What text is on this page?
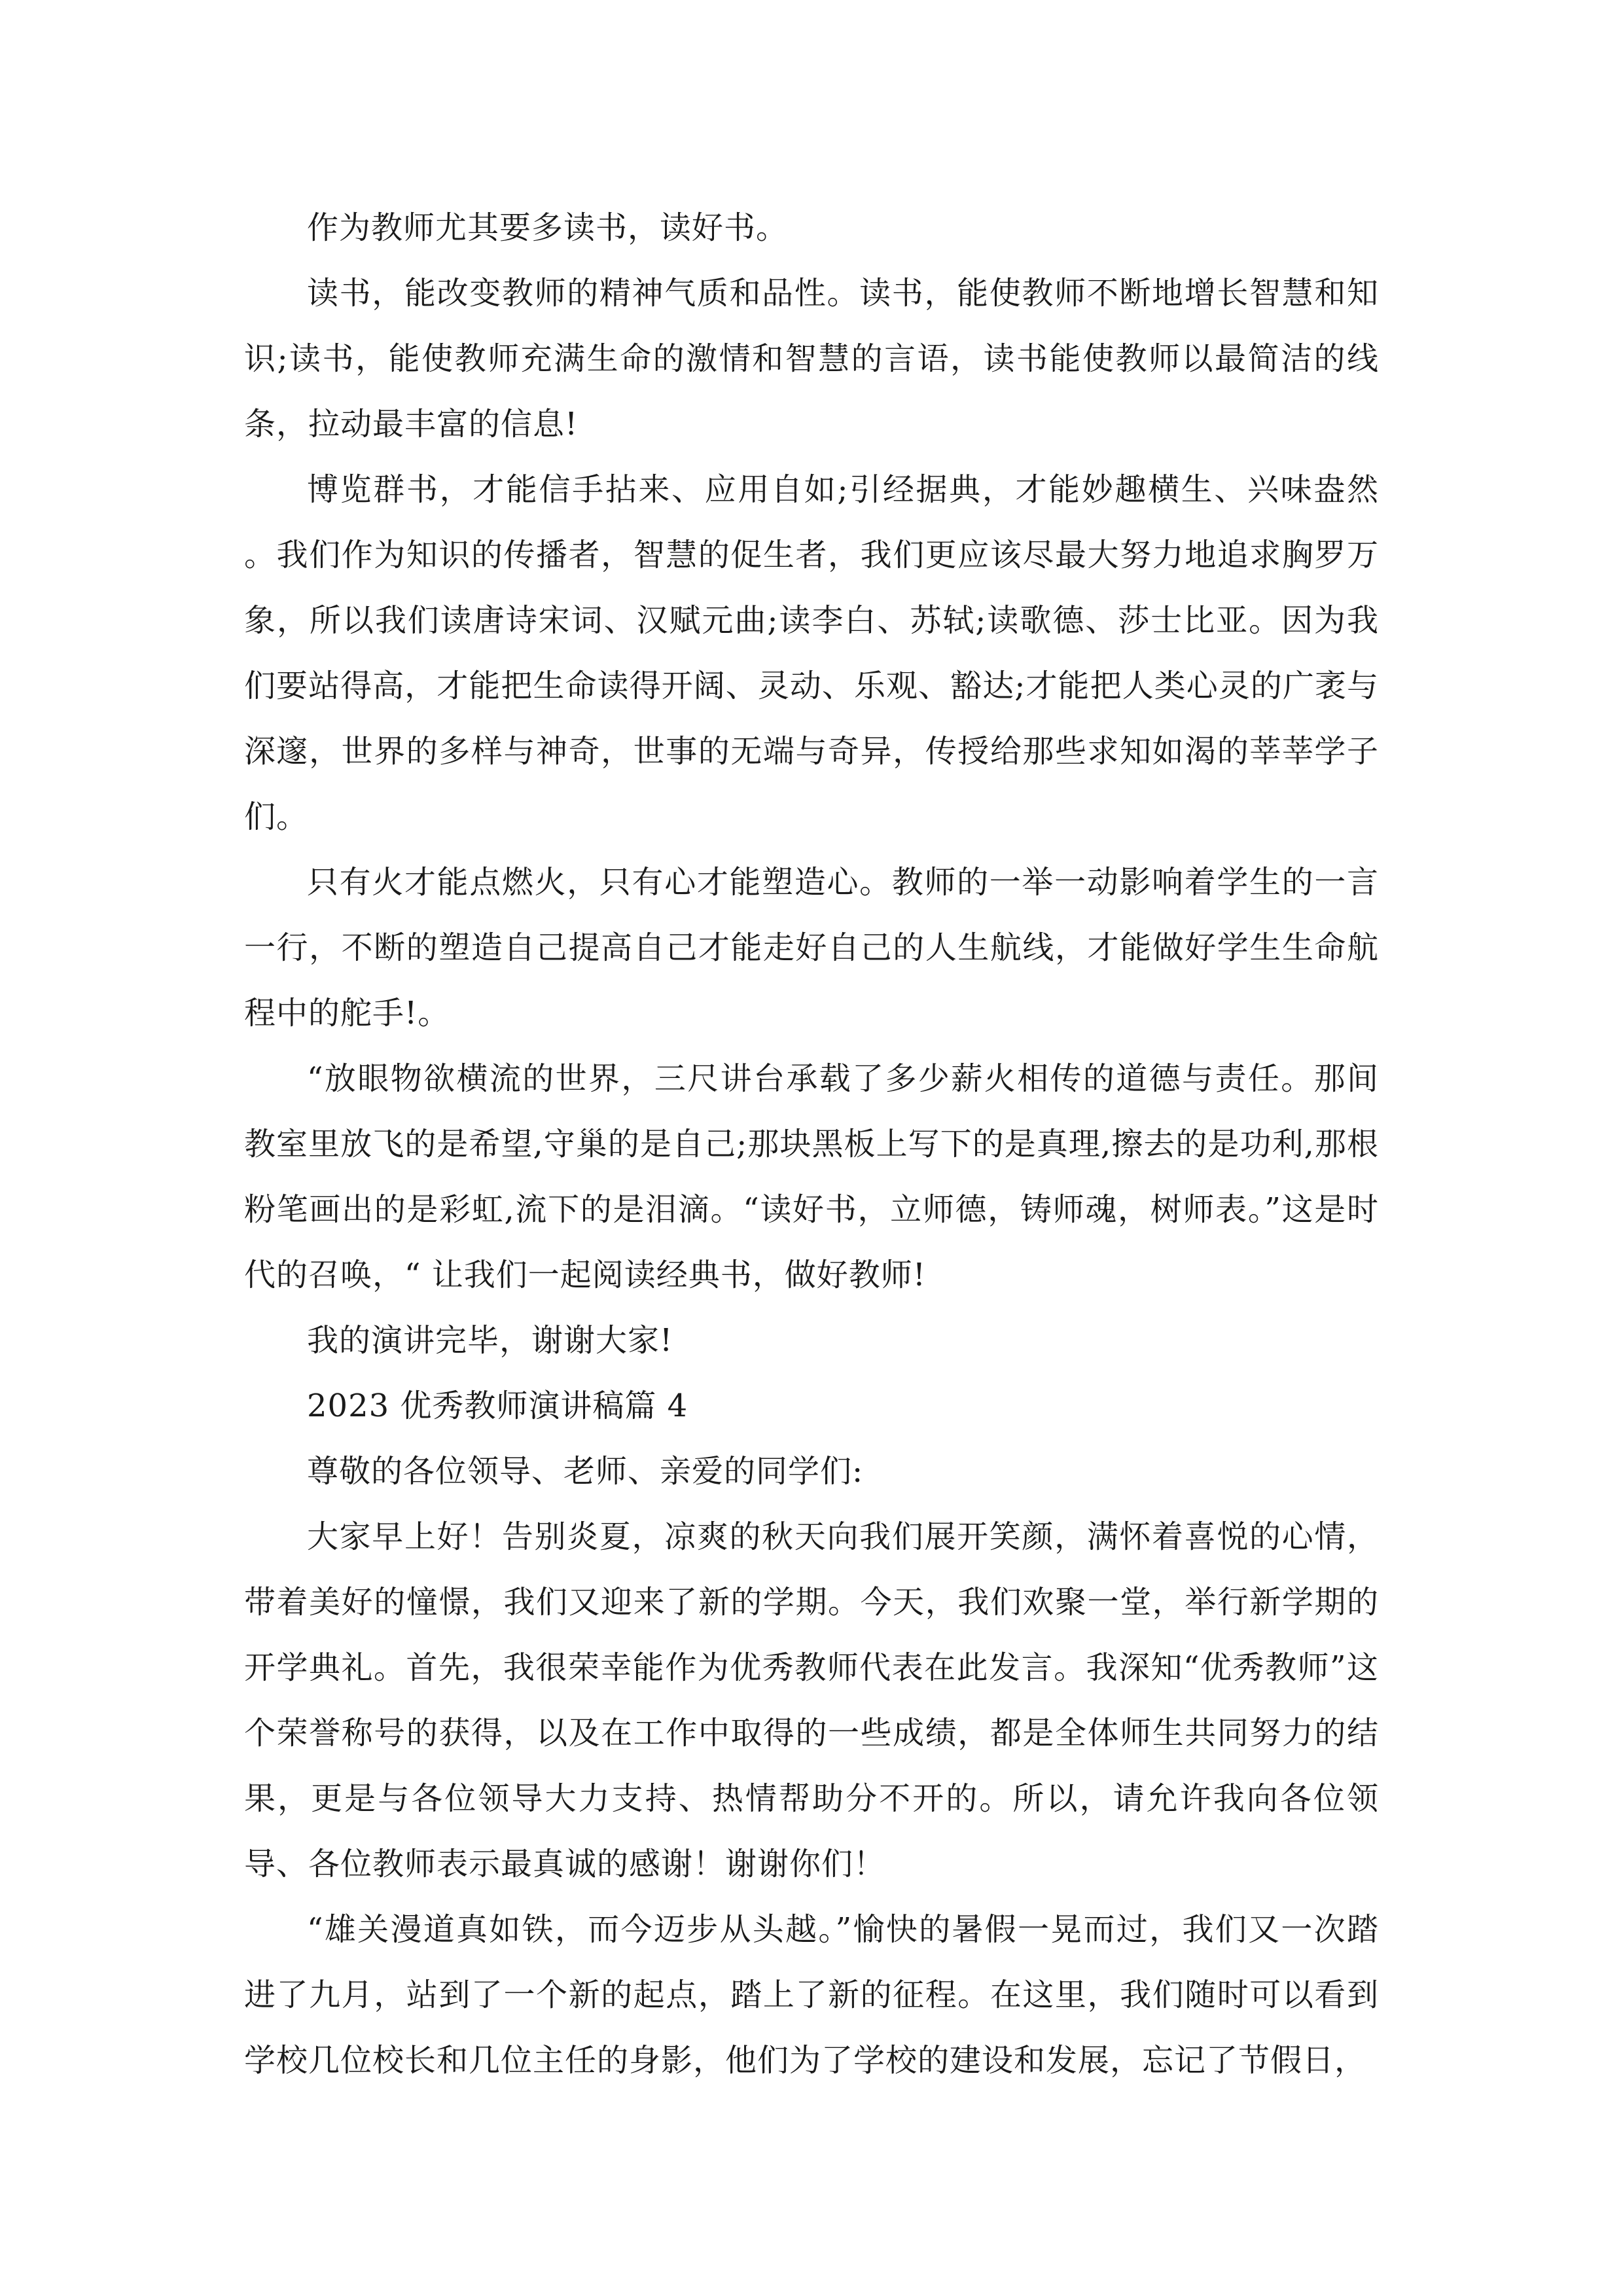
作为教师尤其要多读书，读好书。

读书，能改变教师的精神气质和品性。读书，能使教师不断地增长智慧和知识;读书，能使教师充满生命的激情和智慧的言语，读书能使教师以最简洁的线条，拉动最丰富的信息!

博览群书，才能信手拈来、应用自如;引经据典，才能妙趣横生、兴味盎然 。我们作为知识的传播者，智慧的促生者，我们更应该尽最大努力地追求胸罗万象，所以我们读唐诗宋词、汉赋元曲;读李白、苏轼;读歌德、莎士比亚。因为我们要站得高，才能把生命读得开阔、灵动、乐观、豁达;才能把人类心灵的广袤与深邃，世界的多样与神奇，世事的无端与奇异，传授给那些求知如渴的莘莘学子们。

只有火才能点燃火，只有心才能塑造心。教师的一举一动影响着学生的一言一行，不断的塑造自己提高自己才能走好自己的人生航线，才能做好学生生命航程中的舵手!。

“放眼物欲横流的世界，三尺讲台承载了多少薪火相传的道德与责任。那间教室里放飞的是希望,守巢的是自己;那块黑板上写下的是真理,擦去的是功利,那根粉笔画出的是彩虹,流下的是泪滴。“读好书，立师德，铸师魂，树师表。”这是时代的召唤，“ 让我们一起阅读经典书，做好教师!

我的演讲完毕，谢谢大家!

2023 优秀教师演讲稿篇 4

尊敬的各位领导、老师、亲爱的同学们:

大家早上好！告别炎夏，凉爽的秋天向我们展开笑颜，满怀着喜悦的心情，带着美好的憧憬，我们又迎来了新的学期。今天，我们欢聚一堂，举行新学期的开学典礼。首先，我很荣幸能作为优秀教师代表在此发言。我深知“优秀教师”这个荣誉称号的获得，以及在工作中取得的一些成绩，都是全体师生共同努力的结果，更是与各位领导大力支持、热情帮助分不开的。所以，请允许我向各位领导、各位教师表示最真诚的感谢！谢谢你们！

“雄关漫道真如铁，而今迈步从头越。”愉快的暑假一晃而过，我们又一次踏进了九月，站到了一个新的起点，踏上了新的征程。在这里，我们随时可以看到学校几位校长和几位主任的身影，他们为了学校的建设和发展，忘记了节假日，
